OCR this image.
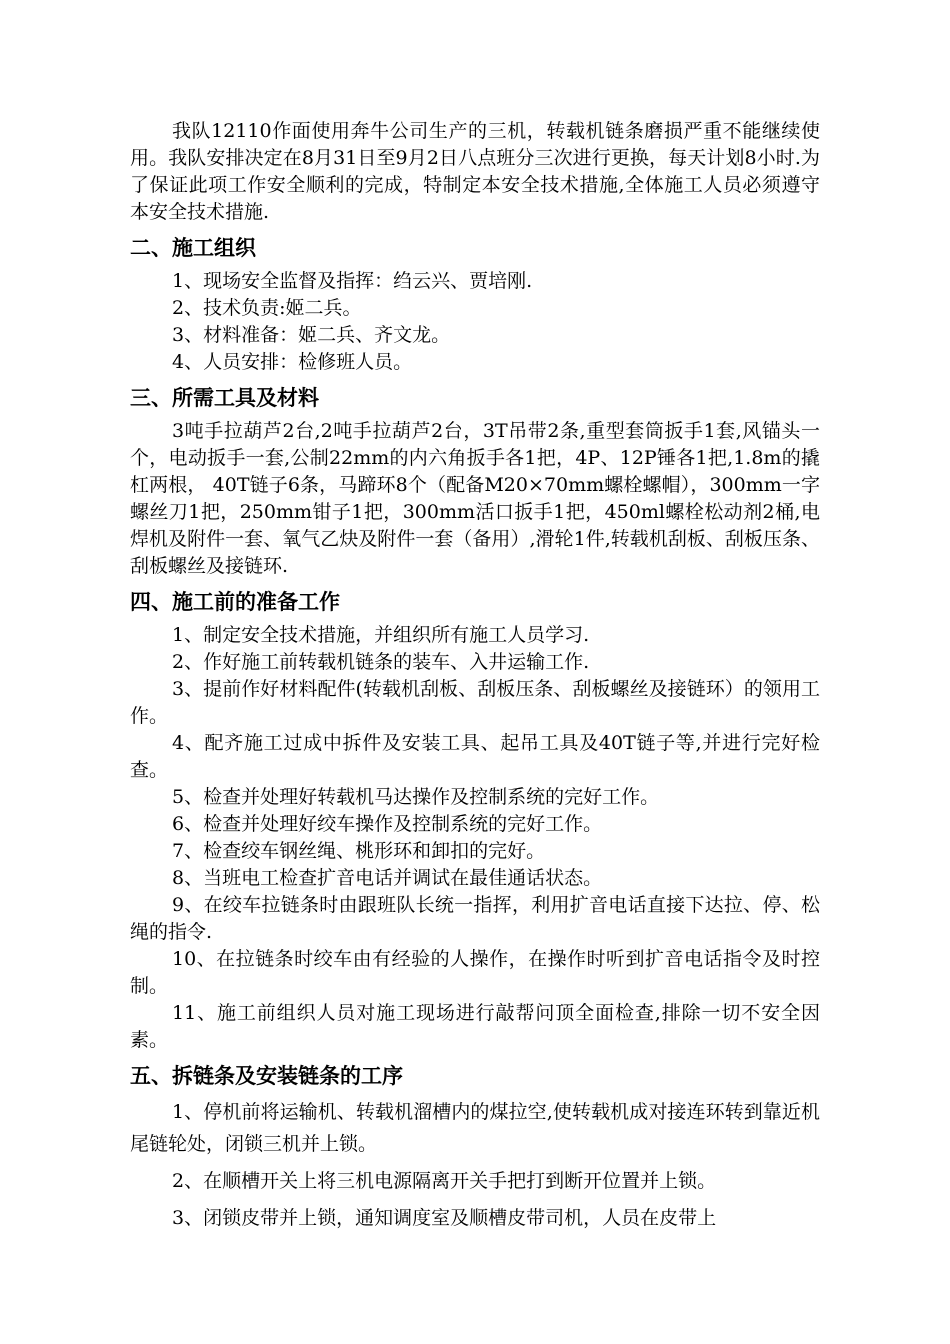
我队12110作面使用奔牛公司生产的三机，转载机链条磨损严重不能继续使用。我队安排决定在8月31日至9月2日八点班分三次进行更换，每天计划8小时.为了保证此项工作安全顺利的完成，特制定本安全技术措施,全体施工人员必须遵守本安全技术措施.

二、施工组织

1、现场安全监督及指挥：绉云兴、贾培刚.

2、技术负责:姬二兵。

3、材料准备：姬二兵、齐文龙。

4、人员安排：检修班人员。

三、所需工具及材料

3吨手拉葫芦2台,2吨手拉葫芦2台，3T吊带2条,重型套筒扳手1套,风锚头一个，电动扳手一套,公制22mm的内六角扳手各1把，4P、12P锤各1把,1.8m的撬杠两根， 40T链子6条，马蹄环8个（配备M20×70mm螺栓螺帽），300mm一字螺丝刀1把，250mm钳子1把，300mm活口扳手1把，450ml螺栓松动剂2桶,电焊机及附件一套、氧气乙炔及附件一套（备用）,滑轮1件,转载机刮板、刮板压条、刮板螺丝及接链环.

四、施工前的准备工作

1、制定安全技术措施，并组织所有施工人员学习.

2、作好施工前转载机链条的装车、入井运输工作.

3、提前作好材料配件(转载机刮板、刮板压条、刮板螺丝及接链环）的领用工作。

4、配齐施工过成中拆件及安装工具、起吊工具及40T链子等,并进行完好检查。

5、检查并处理好转载机马达操作及控制系统的完好工作。

6、检查并处理好绞车操作及控制系统的完好工作。

7、检查绞车钢丝绳、桃形环和卸扣的完好。

8、当班电工检查扩音电话并调试在最佳通话状态。

9、在绞车拉链条时由跟班队长统一指挥，利用扩音电话直接下达拉、停、松绳的指令.

10、在拉链条时绞车由有经验的人操作，在操作时听到扩音电话指令及时控制。

11、施工前组织人员对施工现场进行敲帮问顶全面检查,排除一切不安全因素。

五、拆链条及安装链条的工序

1、停机前将运输机、转载机溜槽内的煤拉空,使转载机成对接连环转到靠近机尾链轮处，闭锁三机并上锁。

2、在顺槽开关上将三机电源隔离开关手把打到断开位置并上锁。

3、闭锁皮带并上锁，通知调度室及顺槽皮带司机，人员在皮带上
